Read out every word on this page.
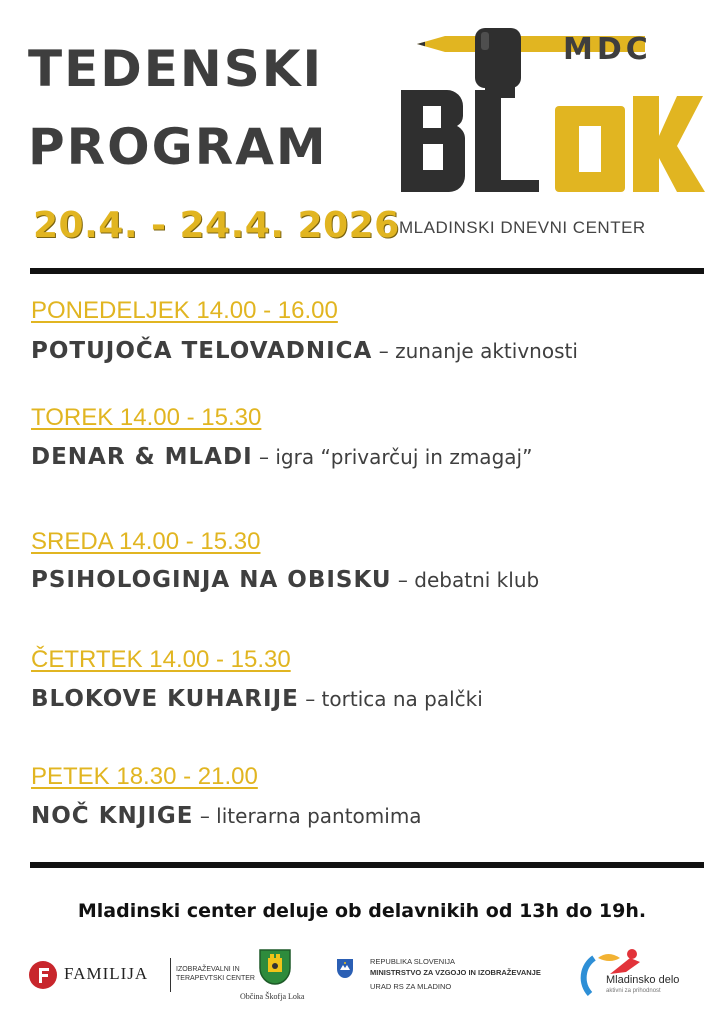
TEDENSKI
PROGRAM
20.4. - 24.4. 2026
MDC
MLADINSKI DNEVNI CENTER
PONEDELJEK 14.00 - 16.00
POTUJOČA TELOVADNICA – zunanje aktivnosti
TOREK 14.00 - 15.30
DENAR & MLADI – igra “privarčuj in zmagaj”
SREDA 14.00 - 15.30
PSIHOLOGINJA NA OBISKU – debatni klub
ČETRTEK 14.00 - 15.30
BLOKOVE KUHARIJE – tortica na palčki
PETEK 18.30 - 21.00
NOČ KNJIGE – literarna pantomima
Mladinski center deluje ob delavnikih od 13h do 19h.
FAMILIJA	IZOBRAŽEVALNI IN
TERAPEVTSKI CENTER
Občina Škofja Loka
REPUBLIKA SLOVENIJA
MINISTRSTVO ZA VZGOJO IN IZOBRAŽEVANJE
URAD RS ZA MLADINO
Mladinsko delo
aktivni za prihodnost
